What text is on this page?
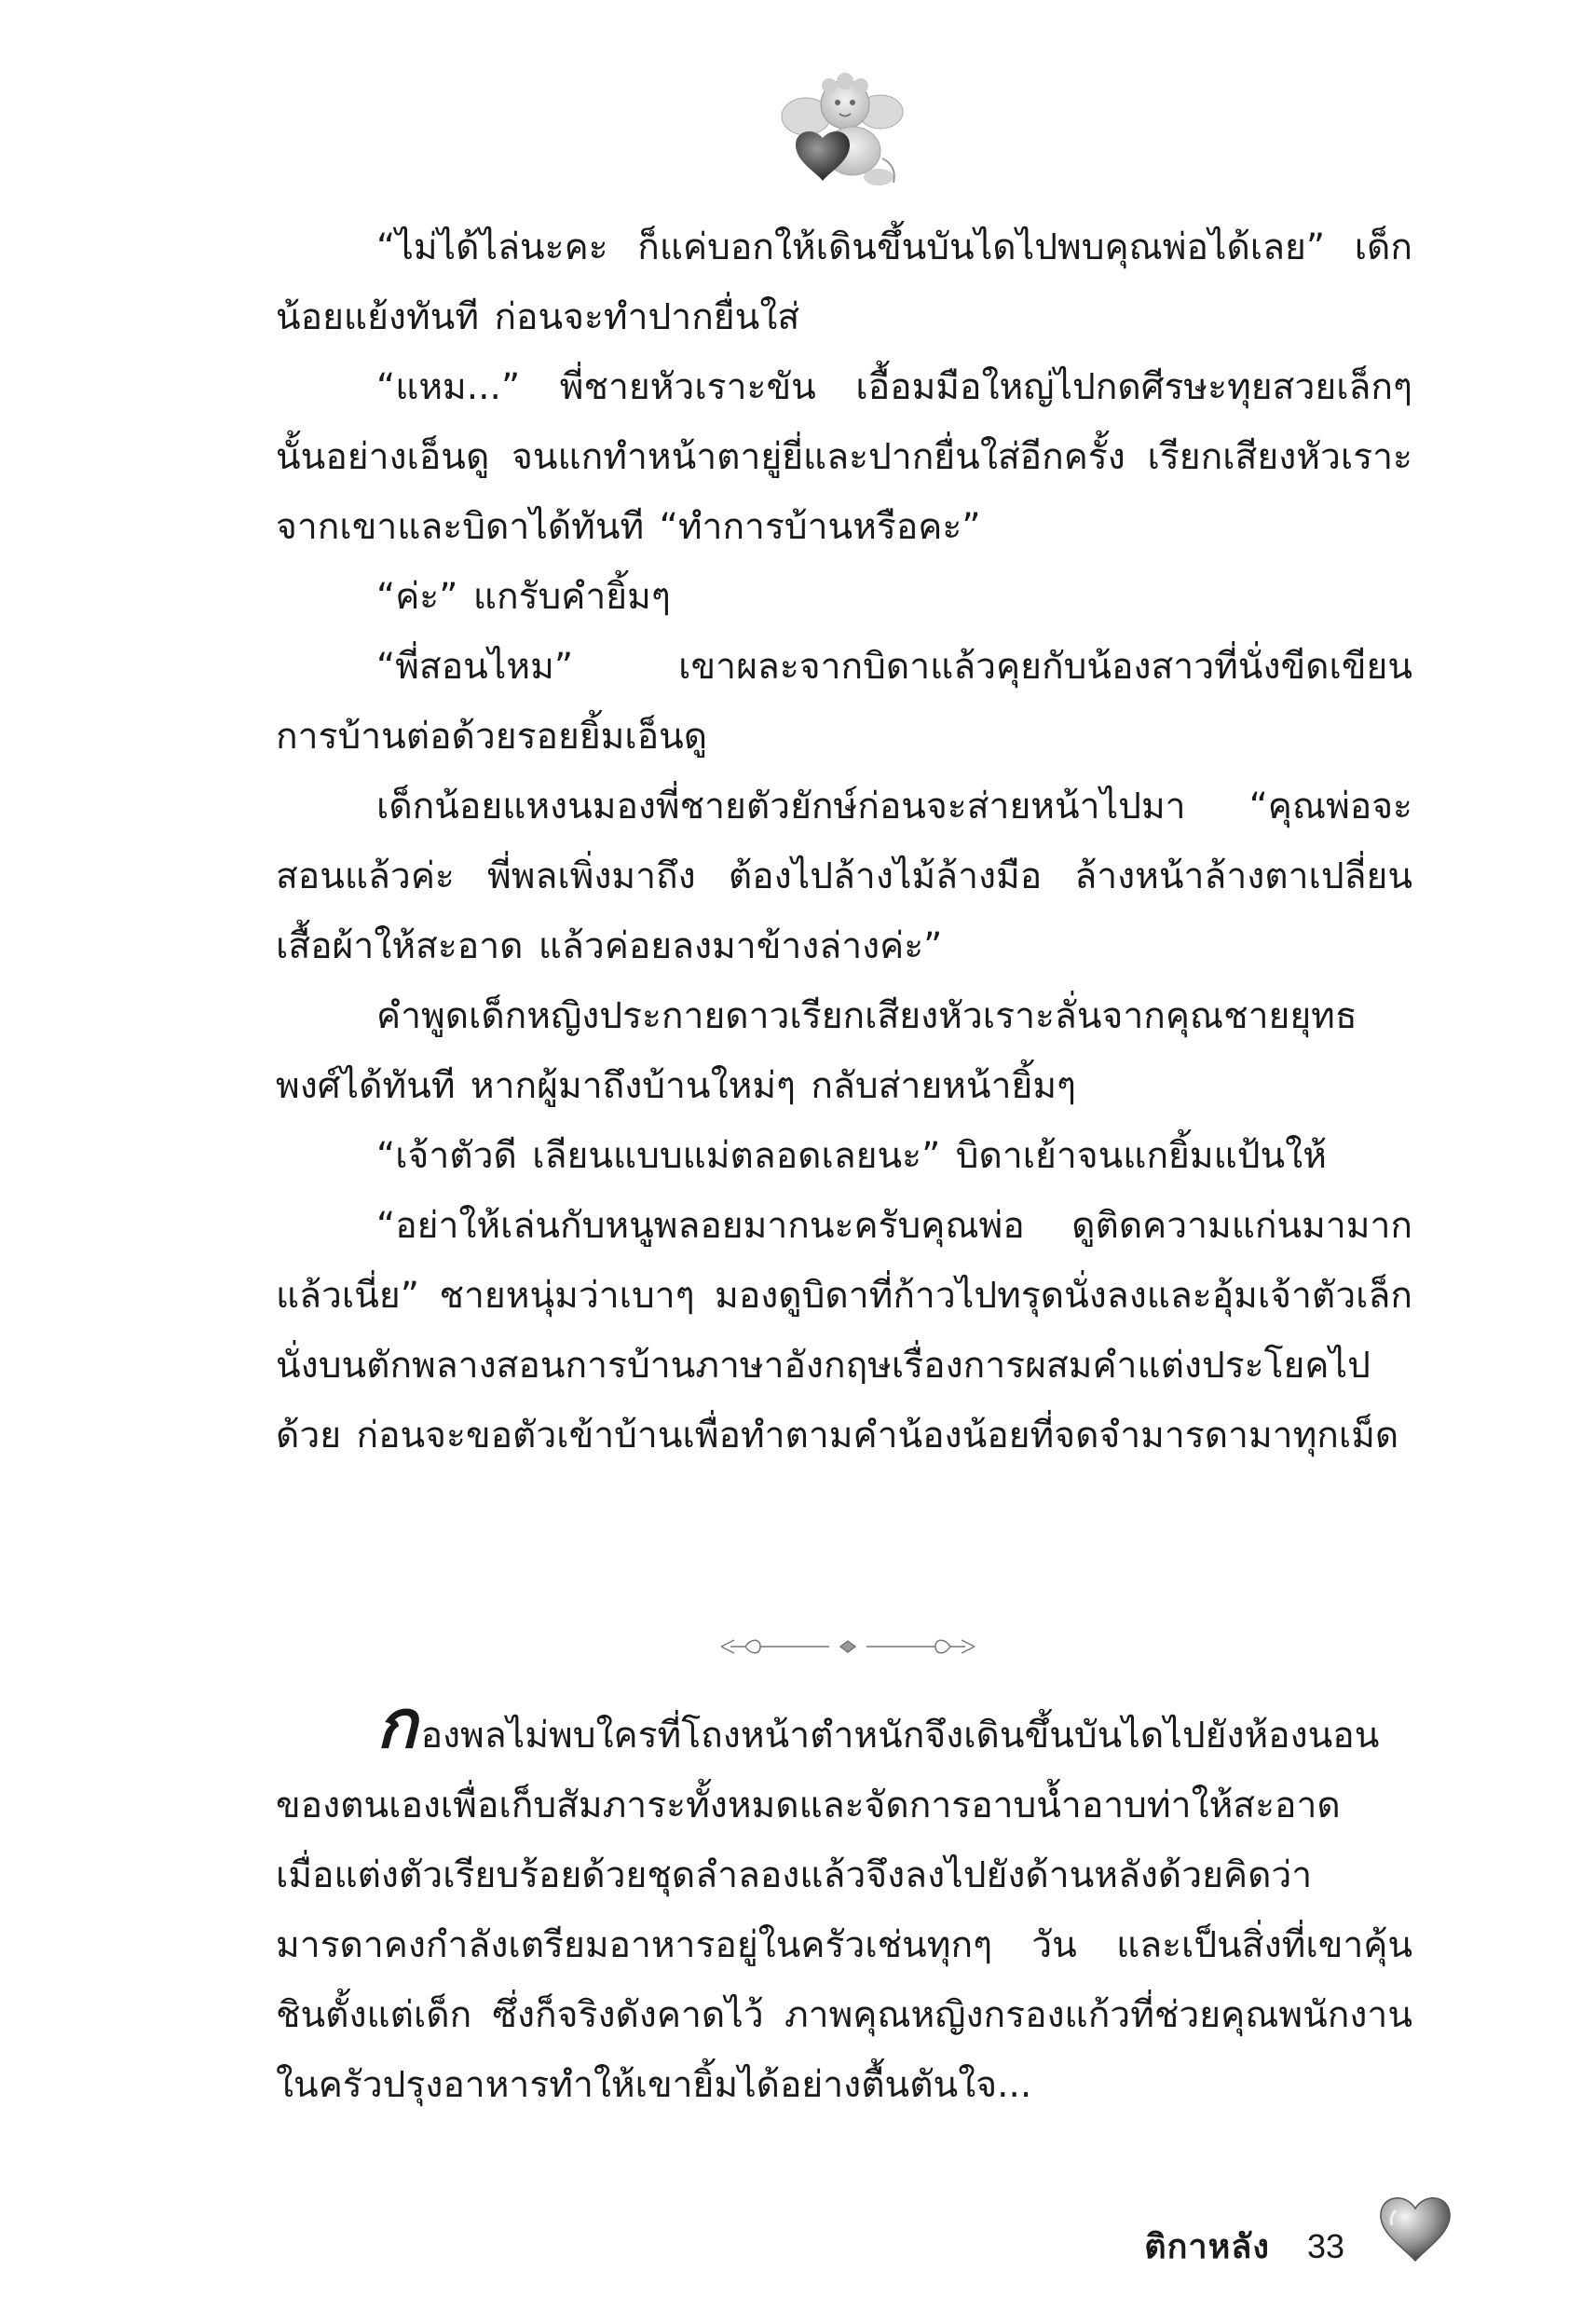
“ไม่ได้ไล่นะคะ ก็แค่บอกให้เดินขึ้นบันไดไปพบคุณพ่อได้เลย” เด็กน้อยแย้งทันที ก่อนจะทำปากยื่นใส่

“แหม...” พี่ชายหัวเราะขัน เอื้อมมือใหญ่ไปกดศีรษะทุยสวยเล็กๆ นั้นอย่างเอ็นดู จนแกทำหน้าตายู่ยี่และปากยื่นใส่อีกครั้ง เรียกเสียงหัวเราะจากเขาและบิดาได้ทันที “ทำการบ้านหรือคะ”

“ค่ะ” แกรับคำยิ้มๆ

“พี่สอนไหม” เขาผละจากบิดาแล้วคุยกับน้องสาวที่นั่งขีดเขียนการบ้านต่อด้วยรอยยิ้มเอ็นดู

เด็กน้อยแหงนมองพี่ชายตัวยักษ์ก่อนจะส่ายหน้าไปมา “คุณพ่อจะสอนแล้วค่ะ พี่พลเพิ่งมาถึง ต้องไปล้างไม้ล้างมือ ล้างหน้าล้างตาเปลี่ยนเสื้อผ้าให้สะอาด แล้วค่อยลงมาข้างล่างค่ะ”

คำพูดเด็กหญิงประกายดาวเรียกเสียงหัวเราะลั่นจากคุณชายยุทธพงศ์ได้ทันที หากผู้มาถึงบ้านใหม่ๆ กลับส่ายหน้ายิ้มๆ

“เจ้าตัวดี เลียนแบบแม่ตลอดเลยนะ” บิดาเย้าจนแกยิ้มแป้นให้

“อย่าให้เล่นกับหนูพลอยมากนะครับคุณพ่อ ดูติดความแก่นมามากแล้วเนี่ย” ชายหนุ่มว่าเบาๆ มองดูบิดาที่ก้าวไปทรุดนั่งลงและอุ้มเจ้าตัวเล็กนั่งบนตักพลางสอนการบ้านภาษาอังกฤษเรื่องการผสมคำแต่งประโยคไปด้วย ก่อนจะขอตัวเข้าบ้านเพื่อทำตามคำน้องน้อยที่จดจำมารดามาทุกเม็ด

กองพลไม่พบใครที่โถงหน้าตำหนักจึงเดินขึ้นบันไดไปยังห้องนอนของตนเองเพื่อเก็บสัมภาระทั้งหมดและจัดการอาบน้ำอาบท่าให้สะอาด เมื่อแต่งตัวเรียบร้อยด้วยชุดลำลองแล้วจึงลงไปยังด้านหลังด้วยคิดว่ามารดาคงกำลังเตรียมอาหารอยู่ในครัวเช่นทุกๆ วัน และเป็นสิ่งที่เขาคุ้นชินตั้งแต่เด็ก ซึ่งก็จริงดังคาดไว้ ภาพคุณหญิงกรองแก้วที่ช่วยคุณพนักงานในครัวปรุงอาหารทำให้เขายิ้มได้อย่างตื้นตันใจ...

ติกาหลัง 33
